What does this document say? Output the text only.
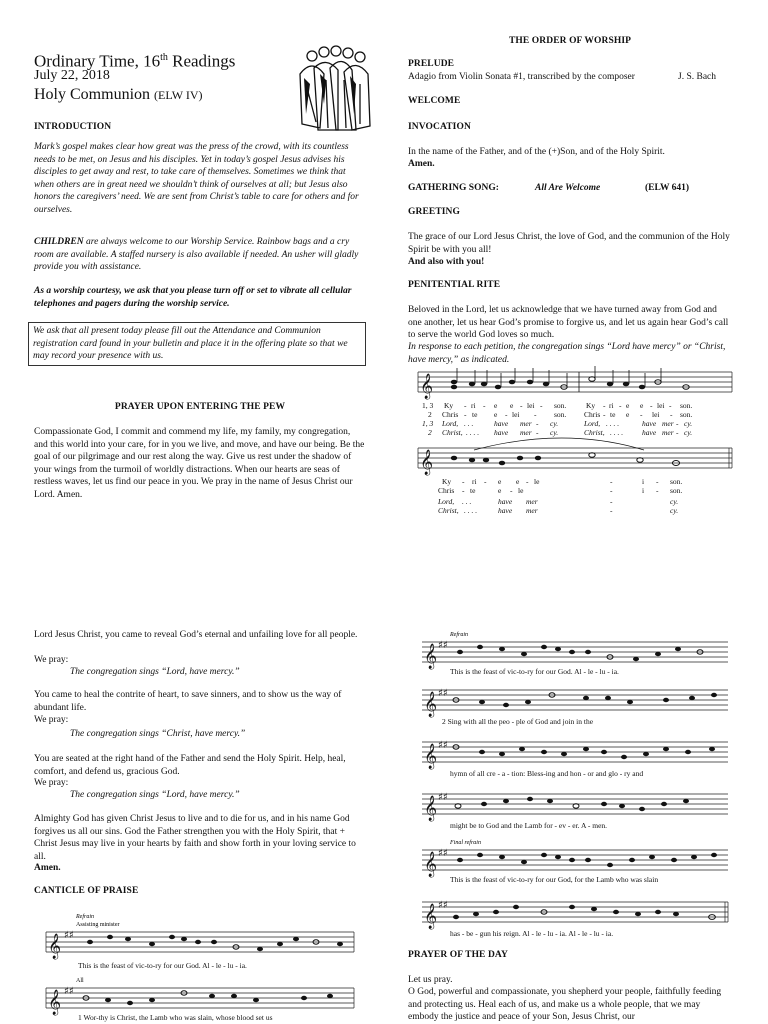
Ordinary Time, 16th Readings
July 22, 2018
Holy Communion (ELW IV)
INTRODUCTION
Mark’s gospel makes clear how great was the press of the crowd, with its countless needs to be met, on Jesus and his disciples. Yet in today’s gospel Jesus advises his disciples to get away and rest, to take care of themselves. Sometimes we think that when others are in great need we shouldn’t think of ourselves at all; but Jesus also honors the caregivers’ need. We are sent from Christ’s table to care for others and for ourselves.
CHILDREN are always welcome to our Worship Service. Rainbow bags and a cry room are available. A staffed nursery is also available if needed. An usher will gladly provide you with assistance.
As a worship courtesy, we ask that you please turn off or set to vibrate all cellular telephones and pagers during the worship service.
We ask that all present today please fill out the Attendance and Communion registration card found in your bulletin and place it in the offering plate so that we may record your presence with us.
PRAYER UPON ENTERING THE PEW
Compassionate God, I commit and commend my life, my family, my congregation, and this world into your care, for in you we live, and move, and have our being. Be the goal of our pilgrimage and our rest along the way. Give us rest under the shadow of your wings from the turmoil of worldly distractions. When our hearts are seas of restless waves, let us find our peace in you. We pray in the name of Jesus Christ our Lord. Amen.
THE ORDER OF WORSHIP
PRELUDE
Adagio from Violin Sonata #1, transcribed by the composer	J. S. Bach
WELCOME
INVOCATION
In the name of the Father, and of the (+)Son, and of the Holy Spirit.
Amen.
GATHERING SONG:	All Are Welcome	(ELW 641)
GREETING
The grace of our Lord Jesus Christ, the love of God, and the communion of the Holy Spirit be with you all!
And also with you!
PENITENTIAL RITE
Beloved in the Lord, let us acknowledge that we have turned away from God and one another, let us hear God’s promise to forgive us, and let us again hear God’s call to serve the world God loves so much.
In response to each petition, the congregation sings “Lord have mercy” or “Christ, have mercy,” as indicated.
𝄞
1, 3
2
1, 3
2
Ky - ri - e e - lei - son.	Ky - ri - e e - lei - son.
Chris - te e - lei - son. Chris - te e - lei - son.
Lord, . . .	have mer - cy.	Lord, . . . .	have mer - cy.
Christ, . . . . have mer - cy.	Christ, . . . .	have mer - cy.
𝄞
Ky - ri - e e - le	-	i - son.
Chris - te	e - le	-	i - son.
Lord, . . .	have mer	-	cy.
Christ, . . . .	have mer	-	cy.
Lord Jesus Christ, you came to reveal God’s eternal and unfailing love for all people.
We pray:
The congregation sings “Lord, have mercy.”
You came to heal the contrite of heart, to save sinners, and to show us the way of abundant life.
We pray:
The congregation sings “Christ, have mercy.”
You are seated at the right hand of the Father and send the Holy Spirit. Help, heal, comfort, and defend us, gracious God.
We pray:
The congregation sings “Lord, have mercy.”
Almighty God has given Christ Jesus to live and to die for us, and in his name God forgives us all our sins. God the Father strengthen you with the Holy Spirit, that + Christ Jesus may live in your hearts by faith and show forth in your loving service to all.
Amen.
CANTICLE OF PRAISE
Refrain
Assisting minister
𝄞 ♯♯
This is the feast of vic-to-ry for our God. Al - le - lu - ia.
All
𝄞 ♯♯
1 Wor-thy is Christ, the Lamb who was slain, whose blood set us
Refrain
𝄞 ♯♯
This is the feast of vic-to-ry for our God. Al - le - lu - ia.
𝄞 ♯♯
2 Sing with all the peo - ple of God and join in the
𝄞 ♯♯
hymn of all cre - a - tion: Bless-ing and hon - or and glo - ry and
𝄞 ♯♯
might be to God and the Lamb for - ev - er. A - men.
Final refrain
𝄞 ♯♯
This is the feast of vic-to-ry for our God, for the Lamb who was slain
𝄞 ♯♯
has - be - gun his reign. Al - le - lu - ia. Al - le - lu - ia.
PRAYER OF THE DAY
Let us pray.
O God, powerful and compassionate, you shepherd your people, faithfully feeding and protecting us. Heal each of us, and make us a whole people, that we may embody the justice and peace of your Son, Jesus Christ, our
